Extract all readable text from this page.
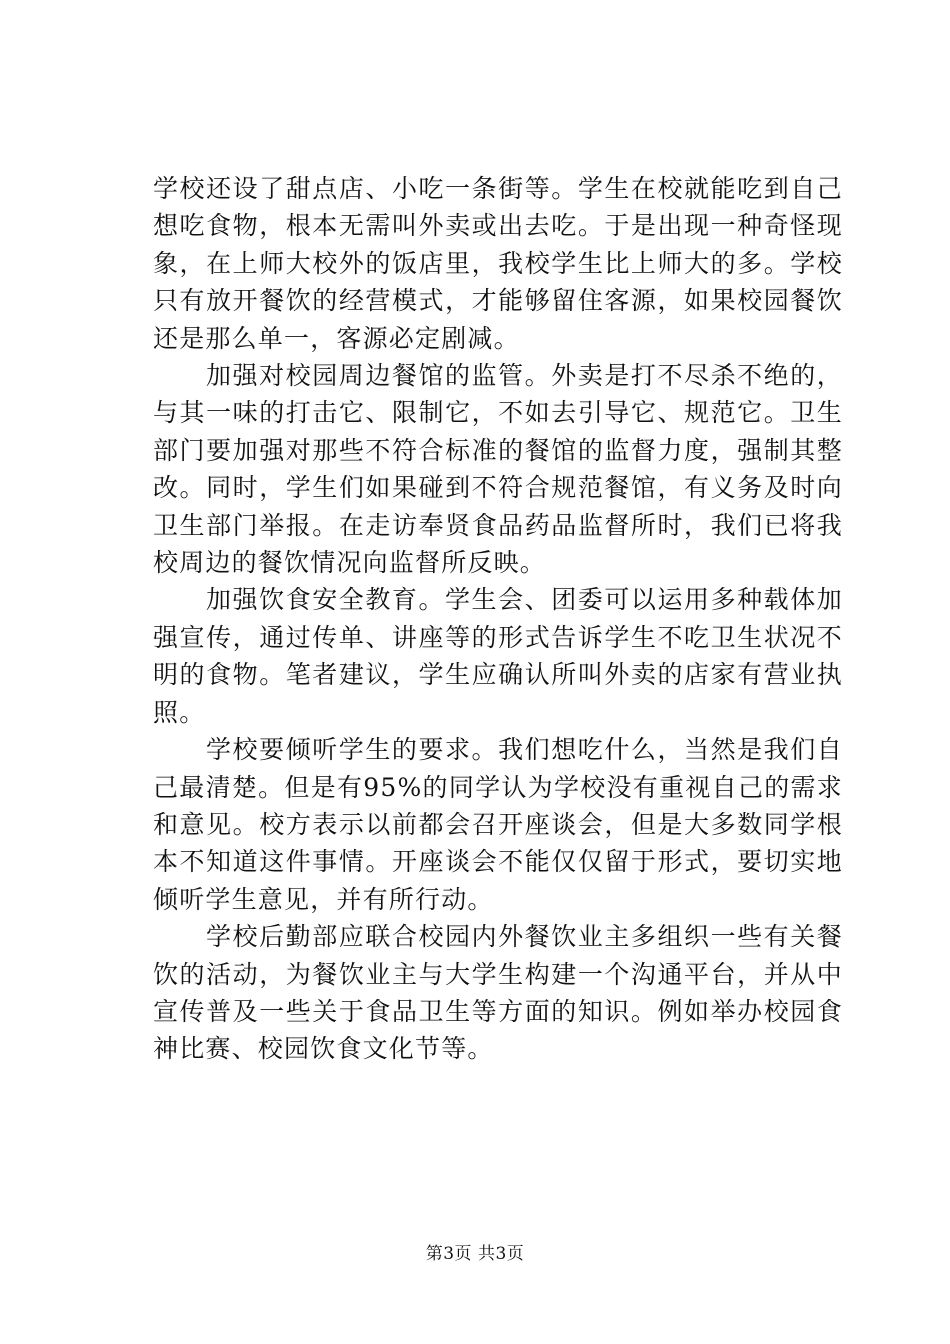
学校还设了甜点店、小吃一条街等。学生在校就能吃到自己想吃食物，根本无需叫外卖或出去吃。于是出现一种奇怪现象，在上师大校外的饭店里，我校学生比上师大的多。学校只有放开餐饮的经营模式，才能够留住客源，如果校园餐饮还是那么单一，客源必定剧减。

加强对校园周边餐馆的监管。外卖是打不尽杀不绝的，与其一味的打击它、限制它，不如去引导它、规范它。卫生部门要加强对那些不符合标准的餐馆的监督力度，强制其整改。同时，学生们如果碰到不符合规范餐馆，有义务及时向卫生部门举报。在走访奉贤食品药品监督所时，我们已将我校周边的餐饮情况向监督所反映。

加强饮食安全教育。学生会、团委可以运用多种载体加强宣传，通过传单、讲座等的形式告诉学生不吃卫生状况不明的食物。笔者建议，学生应确认所叫外卖的店家有营业执照。

学校要倾听学生的要求。我们想吃什么，当然是我们自己最清楚。但是有95%的同学认为学校没有重视自己的需求和意见。校方表示以前都会召开座谈会，但是大多数同学根本不知道这件事情。开座谈会不能仅仅留于形式，要切实地倾听学生意见，并有所行动。

学校后勤部应联合校园内外餐饮业主多组织一些有关餐饮的活动，为餐饮业主与大学生构建一个沟通平台，并从中宣传普及一些关于食品卫生等方面的知识。例如举办校园食神比赛、校园饮食文化节等。

第3页 共3页
